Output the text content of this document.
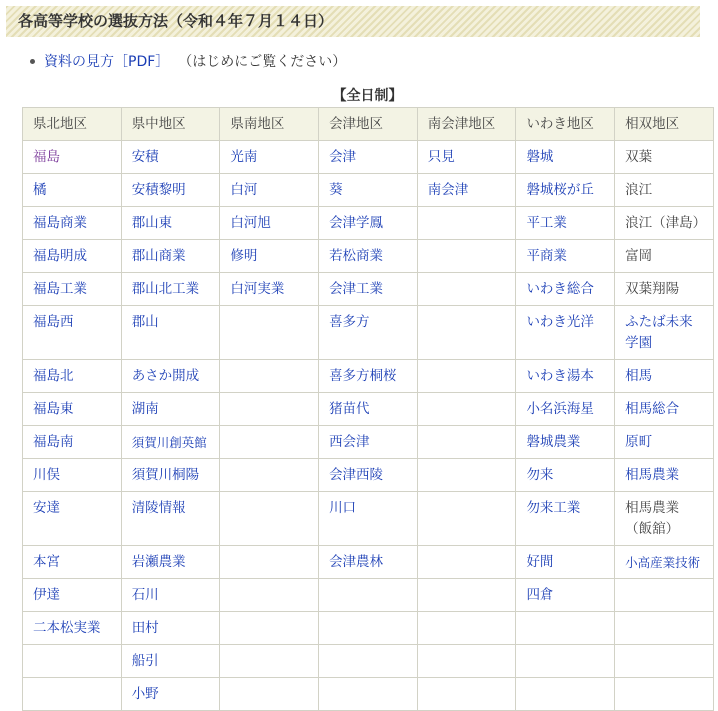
各高等学校の選抜方法（令和４年７月１４日）
資料の見方［PDF］ （はじめにご覧ください）
【全日制】
県北地区	県中地区	県南地区	会津地区	南会津地区	いわき地区	相双地区
福島	安積	光南	会津	只見	磐城	双葉
橘	安積黎明	白河	葵	南会津	磐城桜が丘	浪江
福島商業	郡山東	白河旭	会津学鳳		平工業	浪江（津島）
福島明成	郡山商業	修明	若松商業		平商業	富岡
福島工業	郡山北工業	白河実業	会津工業		いわき総合	双葉翔陽
福島西	郡山		喜多方		いわき光洋	ふたば未来学園
福島北	あさか開成		喜多方桐桜		いわき湯本	相馬
福島東	湖南		猪苗代		小名浜海星	相馬総合
福島南	須賀川創英館		西会津		磐城農業	原町
川俣	須賀川桐陽		会津西陵		勿来	相馬農業
安達	清陵情報		川口		勿来工業	相馬農業（飯舘）
本宮	岩瀬農業		会津農林		好間	小高産業技術
伊達	石川				四倉	
二本松実業	田村					
	船引					
	小野					
